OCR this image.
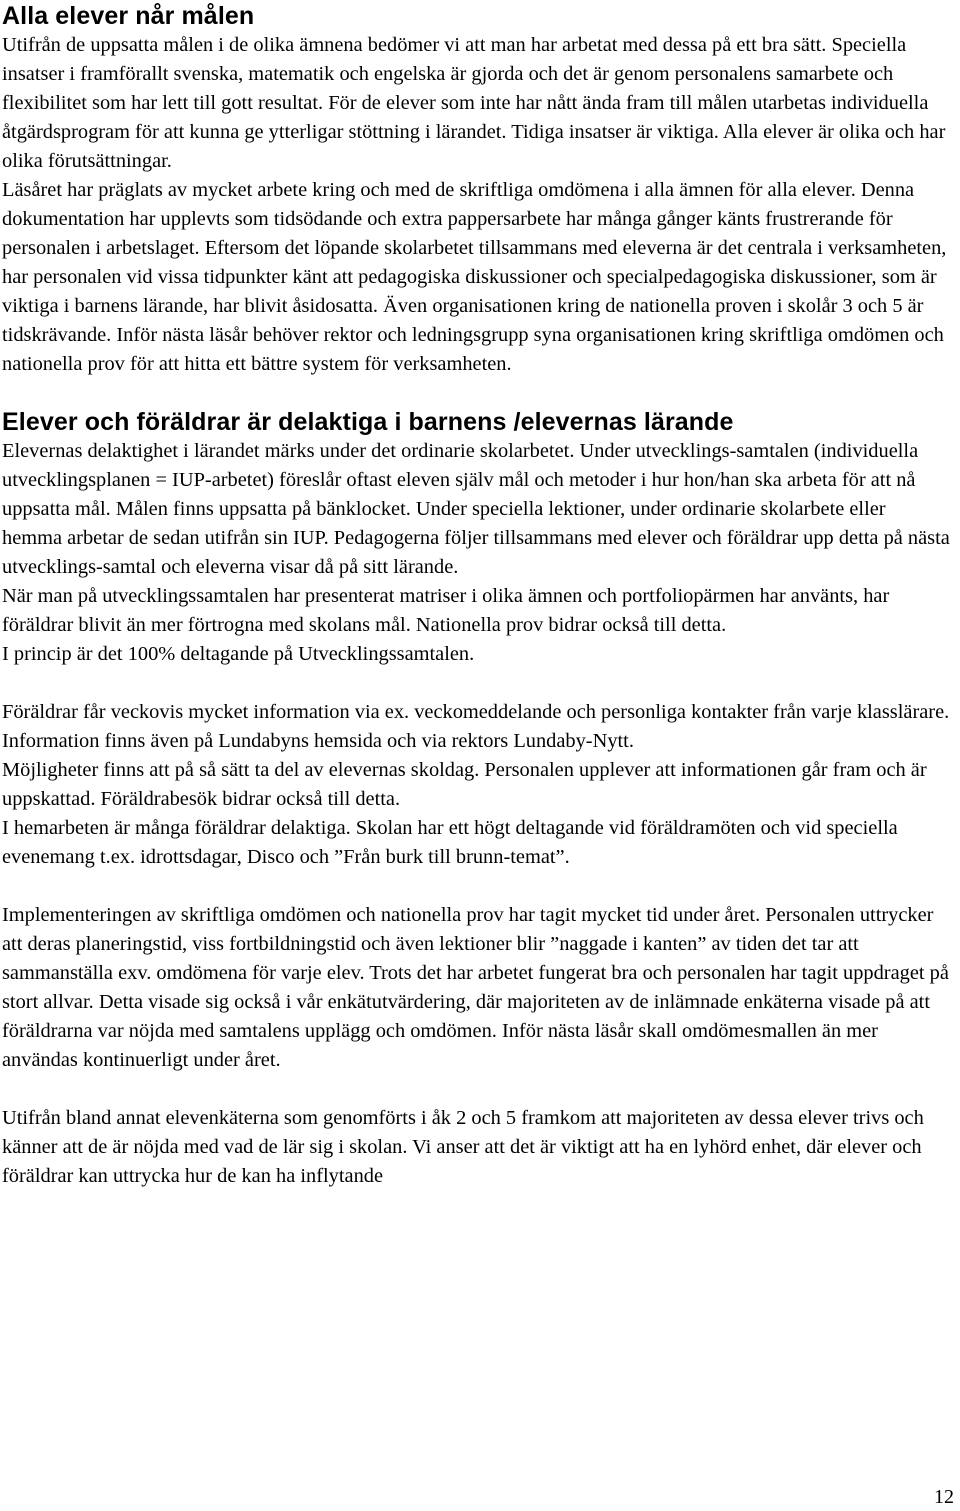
Alla elever når målen

Utifrån de uppsatta målen i de olika ämnena bedömer vi att man har arbetat med dessa på ett bra sätt. Speciella insatser i framförallt svenska, matematik och engelska är gjorda och det är genom personalens samarbete och flexibilitet som har lett till gott resultat. För de elever som inte har nått ända fram till målen utarbetas individuella åtgärdsprogram för att kunna ge ytterligar stöttning i lärandet. Tidiga insatser är viktiga. Alla elever är olika och har olika förutsättningar.

Läsåret har präglats av mycket arbete kring och med de skriftliga omdömena i alla ämnen för alla elever. Denna dokumentation har upplevts som tidsödande och extra pappersarbete har många gånger känts frustrerande för personalen i arbetslaget. Eftersom det löpande skolarbetet tillsammans med eleverna är det centrala i verksamheten, har personalen vid vissa tidpunkter känt att pedagogiska diskussioner och specialpedagogiska diskussioner, som är viktiga i barnens lärande, har blivit åsidosatta. Även organisationen kring de nationella proven i skolår 3 och 5 är tidskrävande. Inför nästa läsår behöver rektor och ledningsgrupp syna organisationen kring skriftliga omdömen och nationella prov för att hitta ett bättre system för verksamheten.

Elever och föräldrar är delaktiga i barnens /elevernas lärande

Elevernas delaktighet i lärandet märks under det ordinarie skolarbetet. Under utvecklings-samtalen (individuella utvecklingsplanen = IUP-arbetet) föreslår oftast eleven själv mål och metoder i hur hon/han ska arbeta för att nå uppsatta mål. Målen finns uppsatta på bänklocket. Under speciella lektioner, under ordinarie skolarbete eller hemma arbetar de sedan utifrån sin IUP. Pedagogerna följer tillsammans med elever och föräldrar upp detta på nästa utvecklings-samtal och eleverna visar då på sitt lärande.

När man på utvecklingssamtalen har presenterat matriser i olika ämnen och portfoliopärmen har använts, har föräldrar blivit än mer förtrogna med skolans mål. Nationella prov bidrar också till detta.

I princip är det 100% deltagande på Utvecklingssamtalen.

Föräldrar får veckovis mycket information via ex. veckomeddelande och personliga kontakter från varje klasslärare. Information finns även på Lundabyns hemsida och via rektors Lundaby-Nytt.

Möjligheter finns att på så sätt ta del av elevernas skoldag. Personalen upplever att informationen går fram och är uppskattad. Föräldrabesök bidrar också till detta.

I hemarbeten är många föräldrar delaktiga. Skolan har ett högt deltagande vid föräldramöten och vid speciella evenemang t.ex. idrottsdagar, Disco och ”Från burk till brunn-temat”.

Implementeringen av skriftliga omdömen och nationella prov har tagit mycket tid under året. Personalen uttrycker att deras planeringstid, viss fortbildningstid och även lektioner blir ”naggade i kanten” av tiden det tar att sammanställa exv. omdömena för varje elev. Trots det har arbetet fungerat bra och personalen har tagit uppdraget på stort allvar. Detta visade sig också i vår enkätutvärdering, där majoriteten av de inlämnade enkäterna visade på att föräldrarna var nöjda med samtalens upplägg och omdömen. Inför nästa läsår skall omdömesmallen än mer användas kontinuerligt under året.

Utifrån bland annat elevenkäterna som genomförts i åk 2 och 5 framkom att majoriteten av dessa elever trivs och känner att de är nöjda med vad de lär sig i skolan. Vi anser att det är viktigt att ha en lyhörd enhet, där elever och föräldrar kan uttrycka hur de kan ha inflytande

12
